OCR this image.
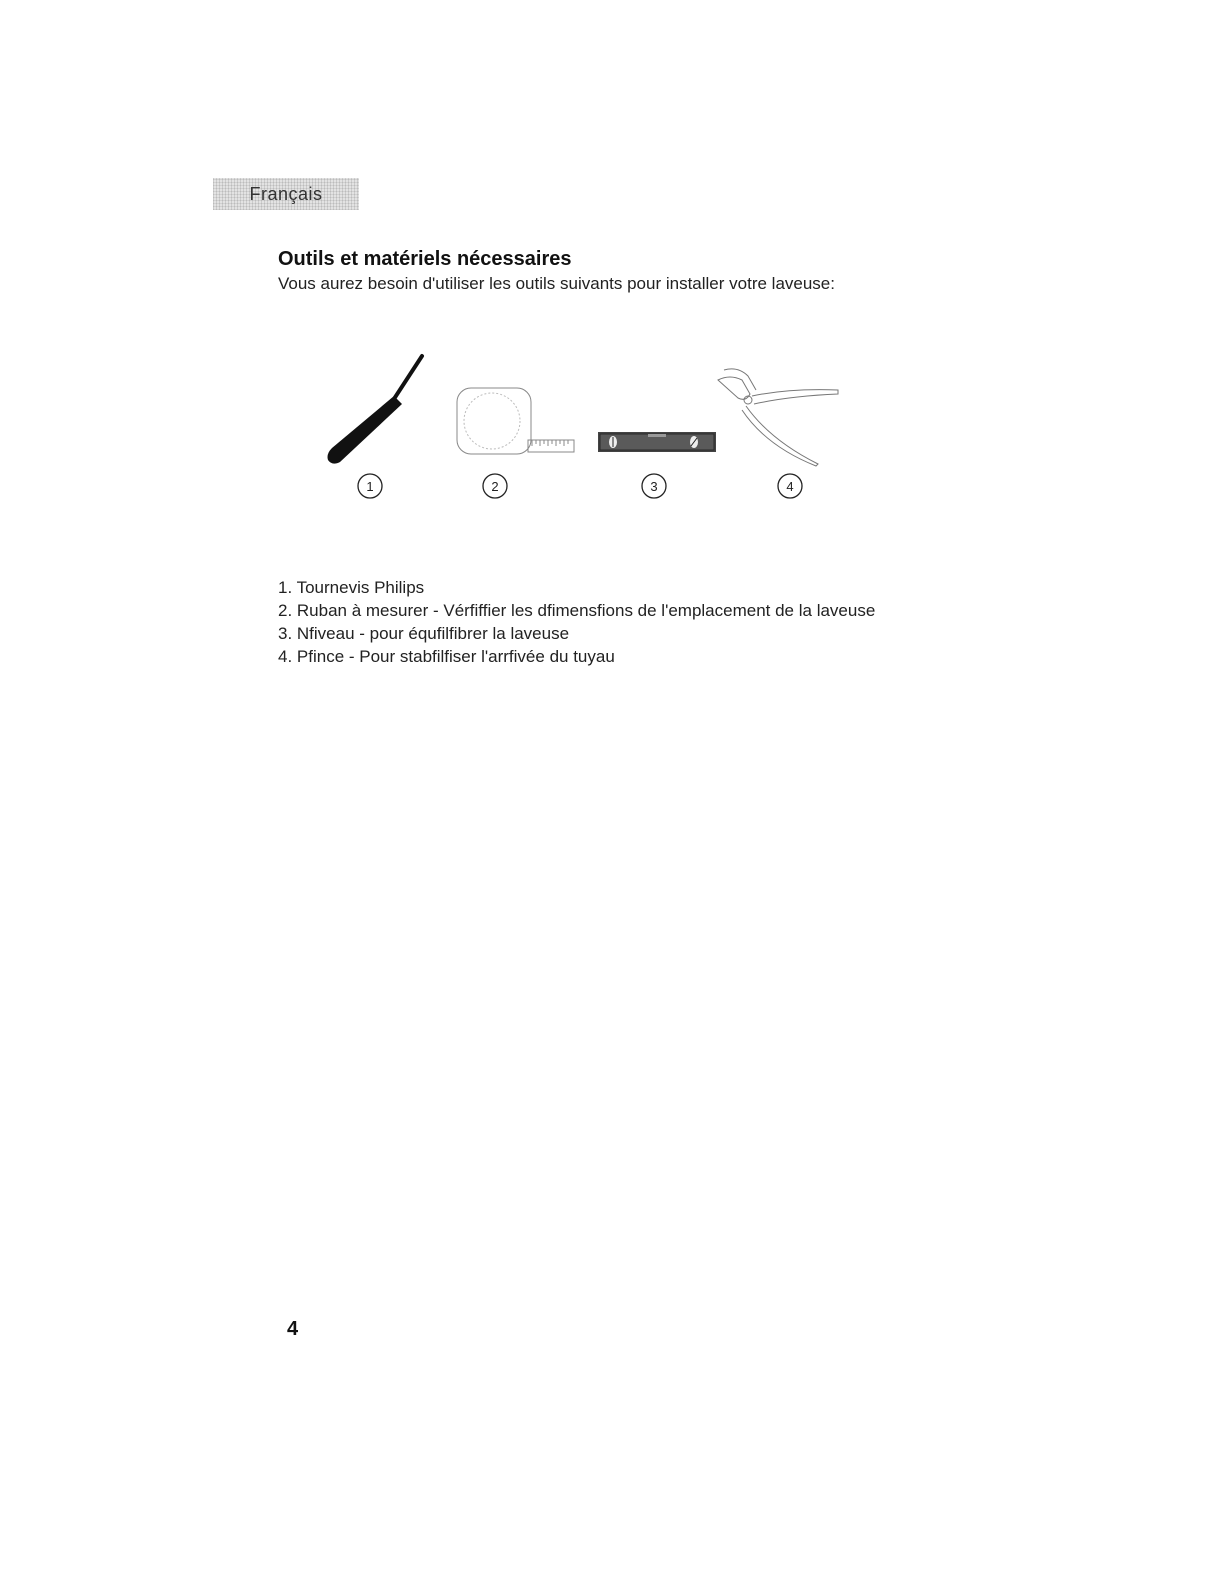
Français
Outils et matériels nécessaires

Vous aurez besoin d'utiliser les outils suivants pour installer votre laveuse:

1	2	3	4
1. Tournevis Philips
2. Ruban à mesurer - Vérfiffier les dfimensfions de l'emplacement de la laveuse
3. Nfiveau - pour équfilfibrer la laveuse
4. Pfince - Pour stabfilfiser l'arrfivée du tuyau
4
